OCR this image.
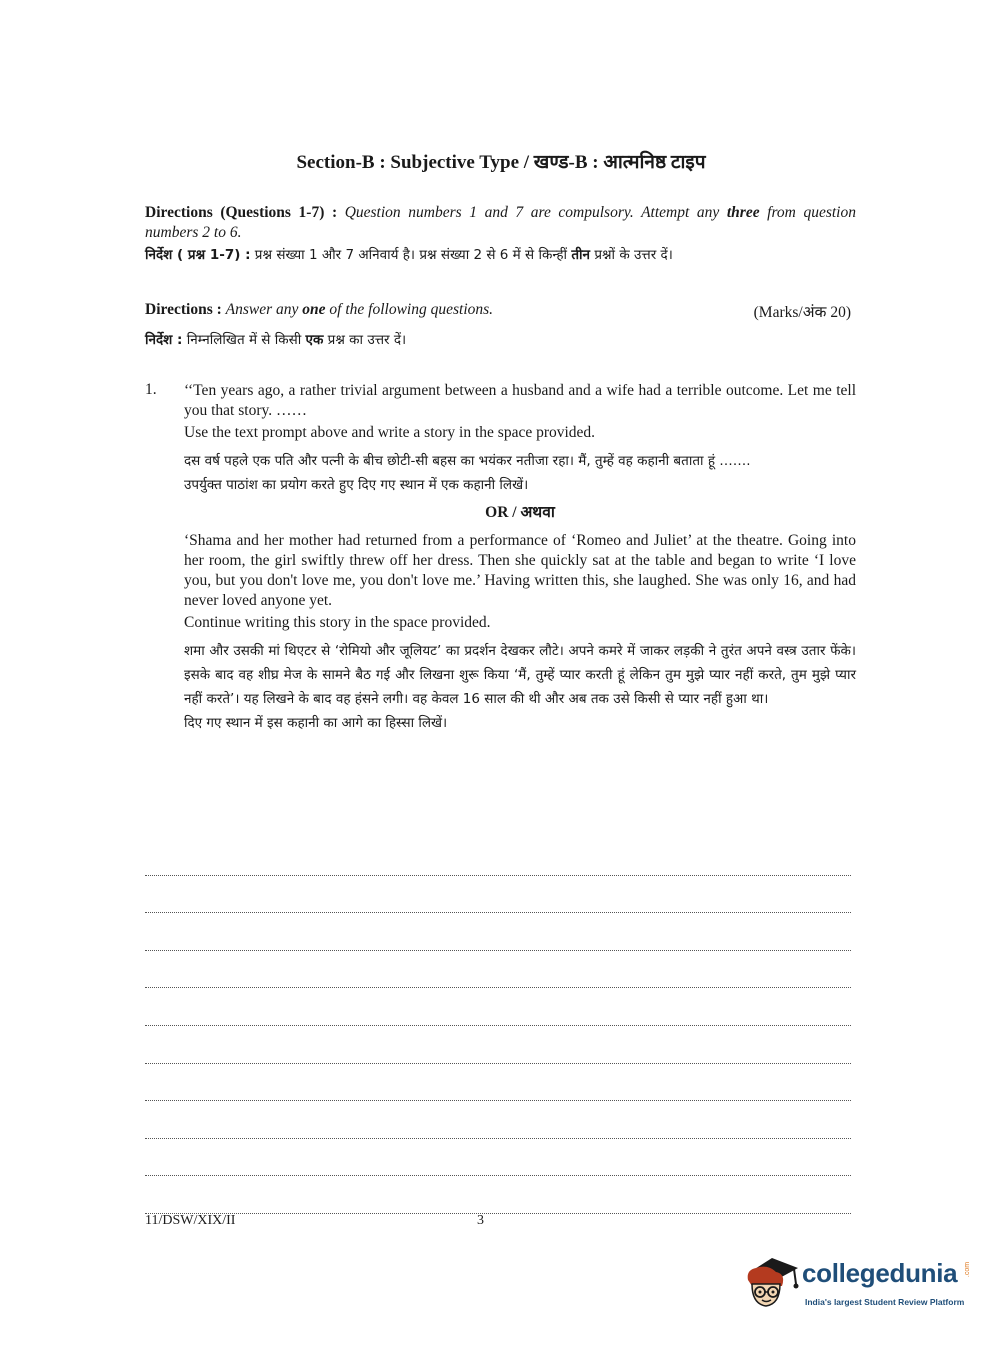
Section-B : Subjective Type / खण्ड-B : आत्मनिष्ठ टाइप
Directions (Questions 1-7) : Question numbers 1 and 7 are compulsory. Attempt any three from question numbers 2 to 6.
निर्देश ( प्रश्न 1-7) : प्रश्न संख्या 1 और 7 अनिवार्य है। प्रश्न संख्या 2 से 6 में से किन्हीं तीन प्रश्नों के उत्तर दें।
Directions : Answer any one of the following questions.	(Marks/अंक 20)
निर्देश : निम्नलिखित में से किसी एक प्रश्न का उत्तर दें।
1. ‘‘Ten years ago, a rather trivial argument between a husband and a wife had a terrible outcome. Let me tell you that story. ……

Use the text prompt above and write a story in the space provided.

दस वर्ष पहले एक पति और पत्नी के बीच छोटी-सी बहस का भयंकर नतीजा रहा। मैं, तुम्हें वह कहानी बताता हूं …….

उपर्युक्त पाठांश का प्रयोग करते हुए दिए गए स्थान में एक कहानी लिखें।

OR / अथवा

‘Shama and her mother had returned from a performance of ‘Romeo and Juliet’ at the theatre. Going into her room, the girl swiftly threw off her dress. Then she quickly sat at the table and began to write ‘I love you, but you don't love me, you don't love me.’ Having written this, she laughed. She was only 16, and had never loved anyone yet.

Continue writing this story in the space provided.

शमा और उसकी मां थिएटर से ‘रोमियो और जूलियट’ का प्रदर्शन देखकर लौटे। अपने कमरे में जाकर लड़की ने तुरंत अपने वस्त्र उतार फेंके। इसके बाद वह शीघ्र मेज के सामने बैठ गई और लिखना शुरू किया ‘मैं, तुम्हें प्यार करती हूं लेकिन तुम मुझे प्यार नहीं करते, तुम मुझे प्यार नहीं करते’। यह लिखने के बाद वह हंसने लगी। वह केवल 16 साल की थी और अब तक उसे किसी से प्यार नहीं हुआ था।

दिए गए स्थान में इस कहानी का आगे का हिस्सा लिखें।

11/DSW/XIX/II	3
collegedunia .com
India's largest Student Review Platform
